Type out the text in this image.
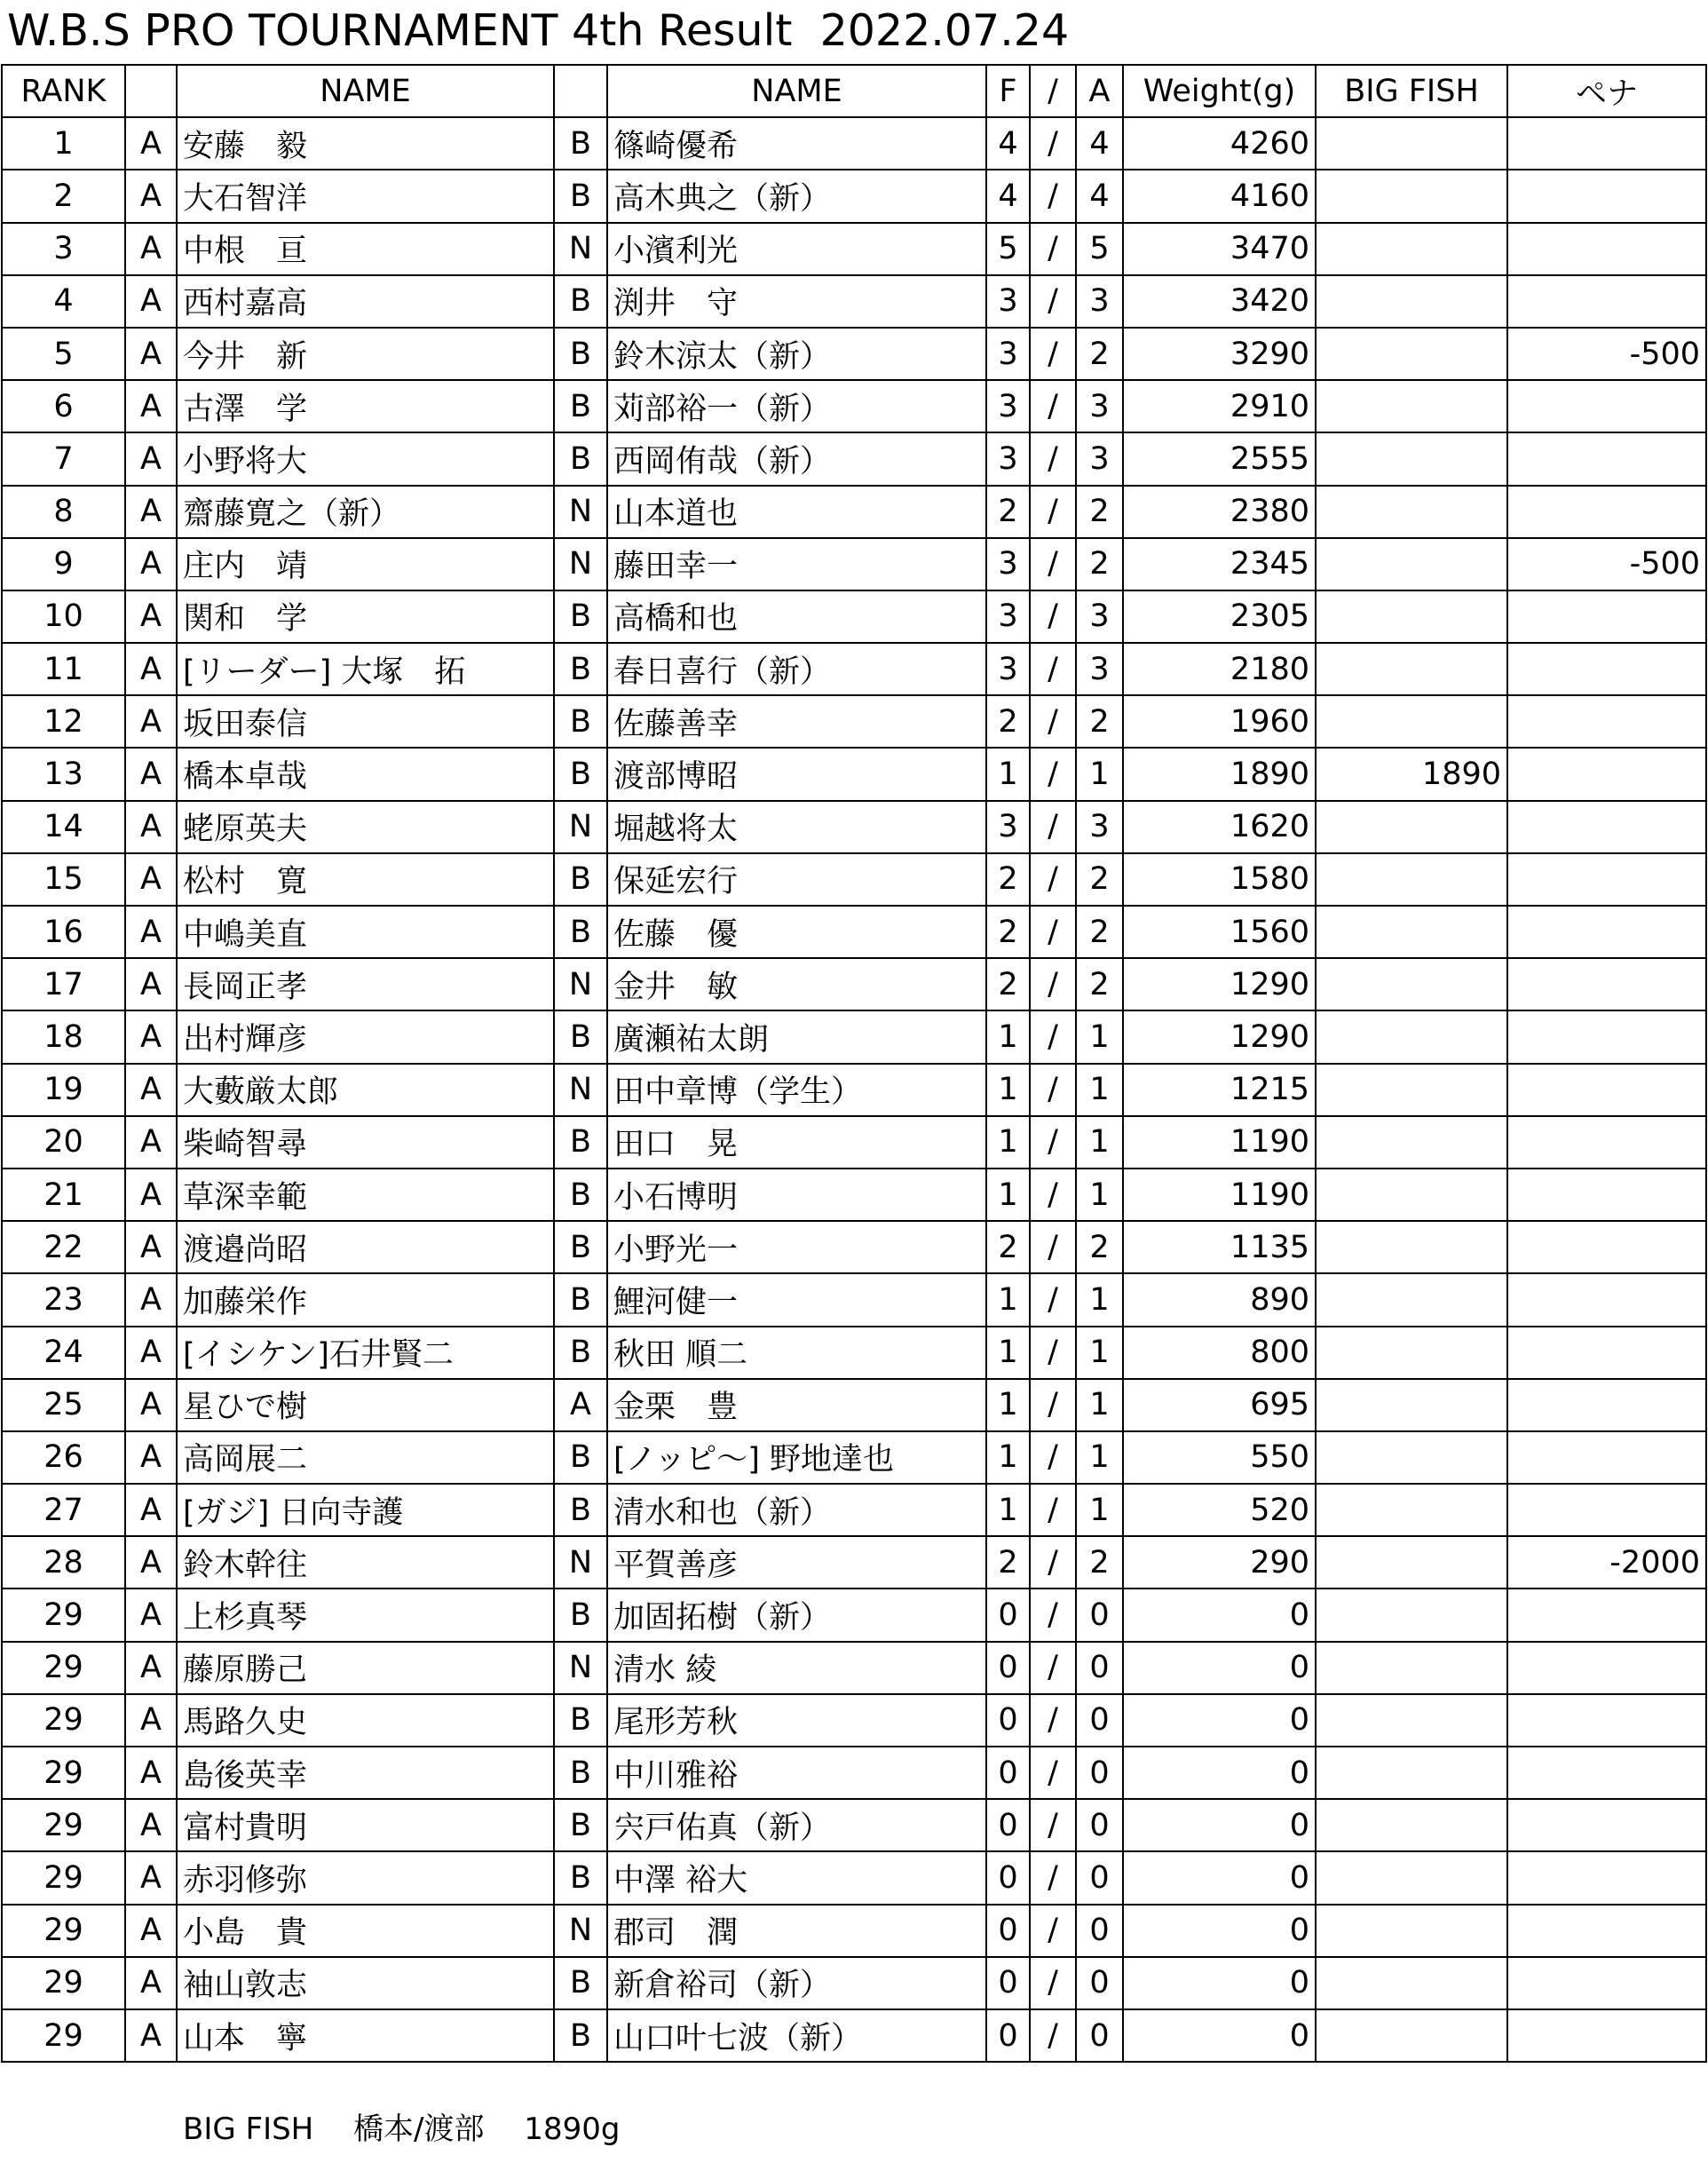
W.B.S PRO TOURNAMENT 4th Result  2022.07.24
RANK		NAME		NAME	F	/	A	Weight(g)	BIG FISH	ペナ
1	A	安藤　毅	B	篠崎優希	4	/	4	4260		
2	A	大石智洋	B	高木典之（新）	4	/	4	4160		
3	A	中根　亘	N	小濱利光	5	/	5	3470		
4	A	西村嘉高	B	渕井　守	3	/	3	3420		
5	A	今井　新	B	鈴木涼太（新）	3	/	2	3290		-500
6	A	古澤　学	B	苅部裕一（新）	3	/	3	2910		
7	A	小野将大	B	西岡侑哉（新）	3	/	3	2555		
8	A	齋藤寛之（新）	N	山本道也	2	/	2	2380		
9	A	庄内　靖	N	藤田幸一	3	/	2	2345		-500
10	A	関和　学	B	高橋和也	3	/	3	2305		
11	A	[リーダー] 大塚　拓	B	春日喜行（新）	3	/	3	2180		
12	A	坂田泰信	B	佐藤善幸	2	/	2	1960		
13	A	橋本卓哉	B	渡部博昭	1	/	1	1890	1890	
14	A	蛯原英夫	N	堀越将太	3	/	3	1620		
15	A	松村　寛	B	保延宏行	2	/	2	1580		
16	A	中嶋美直	B	佐藤　優	2	/	2	1560		
17	A	長岡正孝	N	金井　敏	2	/	2	1290		
18	A	出村輝彦	B	廣瀬祐太朗	1	/	1	1290		
19	A	大藪厳太郎	N	田中章博（学生）	1	/	1	1215		
20	A	柴崎智尋	B	田口　晃	1	/	1	1190		
21	A	草深幸範	B	小石博明	1	/	1	1190		
22	A	渡邉尚昭	B	小野光一	2	/	2	1135		
23	A	加藤栄作	B	鯉河健一	1	/	1	890		
24	A	[イシケン]石井賢二	B	秋田 順二	1	/	1	800		
25	A	星ひで樹	A	金栗　豊	1	/	1	695		
26	A	高岡展二	B	[ノッピ～] 野地達也	1	/	1	550		
27	A	[ガジ] 日向寺護	B	清水和也（新）	1	/	1	520		
28	A	鈴木幹往	N	平賀善彦	2	/	2	290		-2000
29	A	上杉真琴	B	加固拓樹（新）	0	/	0	0		
29	A	藤原勝己	N	清水 綾	0	/	0	0		
29	A	馬路久史	B	尾形芳秋	0	/	0	0		
29	A	島後英幸	B	中川雅裕	0	/	0	0		
29	A	富村貴明	B	宍戸佑真（新）	0	/	0	0		
29	A	赤羽修弥	B	中澤 裕大	0	/	0	0		
29	A	小島　貴	N	郡司　潤	0	/	0	0		
29	A	袖山敦志	B	新倉裕司（新）	0	/	0	0		
29	A	山本　寧	B	山口叶七波（新）	0	/	0	0		
BIG FISH　 橋本/渡部　 1890g
